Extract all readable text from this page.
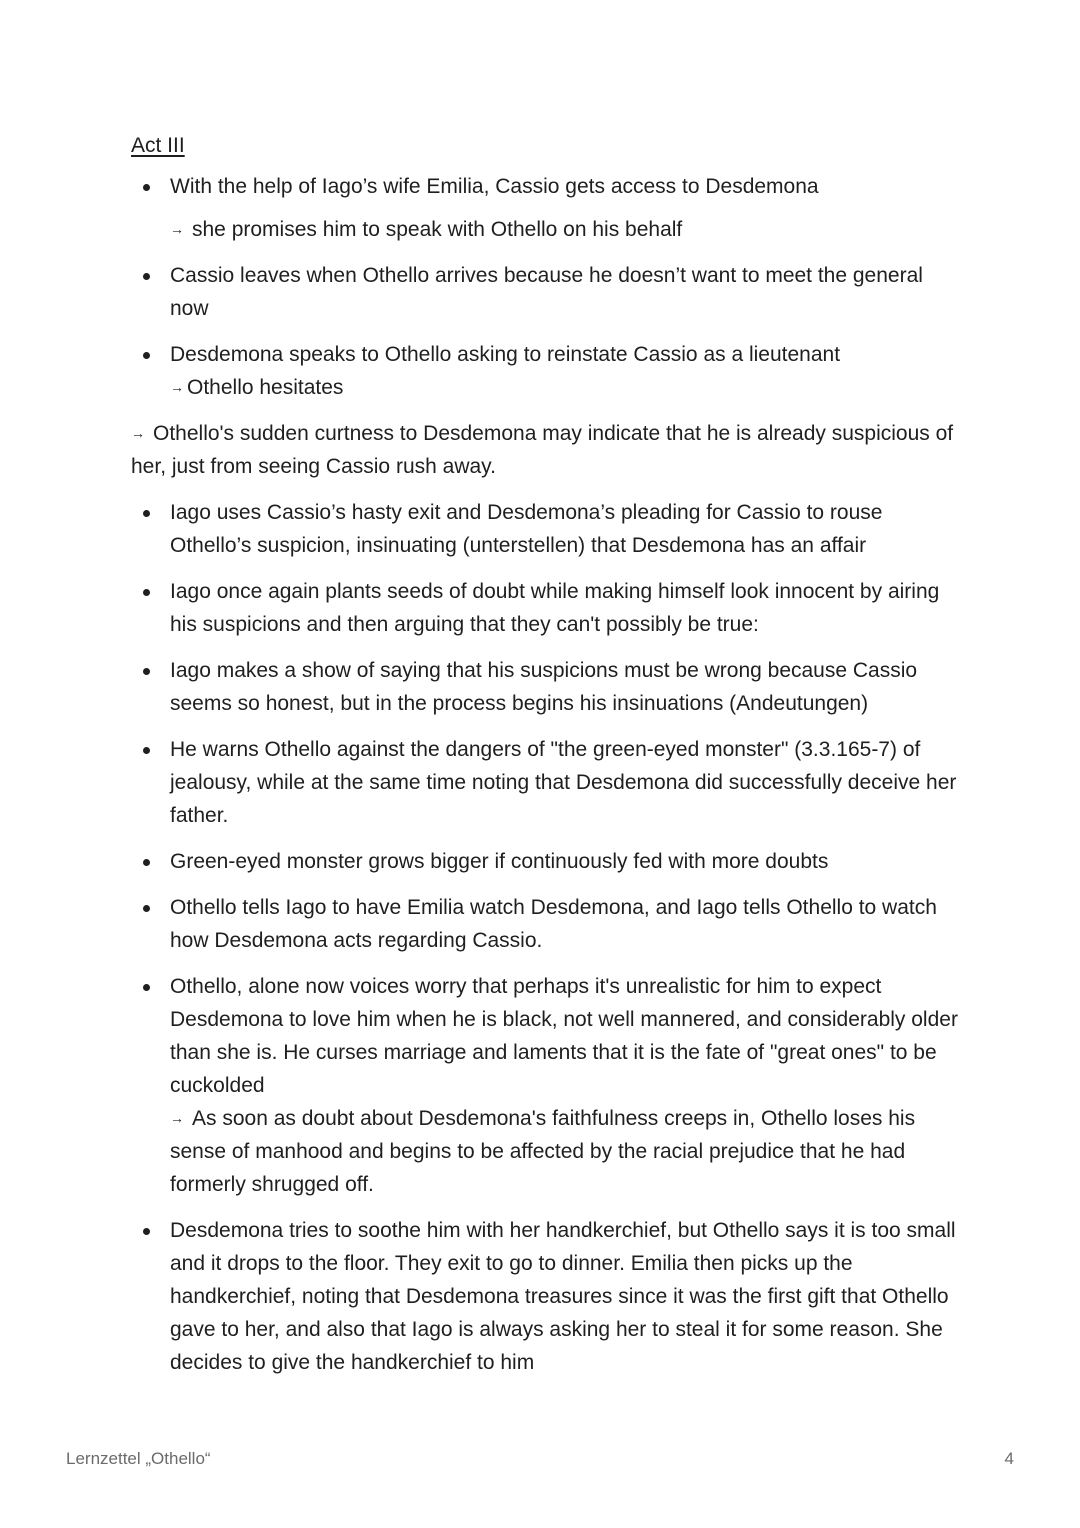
Act III
With the help of Iago’s wife Emilia, Cassio gets access to Desdemona
→ she promises him to speak with Othello on his behalf
Cassio leaves when Othello arrives because he doesn’t want to meet the general now
Desdemona speaks to Othello asking to reinstate Cassio as a lieutenant
→ Othello hesitates

→ Othello's sudden curtness to Desdemona may indicate that he is already suspicious of her, just from seeing Cassio rush away.

Iago uses Cassio’s hasty exit and Desdemona’s pleading for Cassio to rouse Othello’s suspicion, insinuating (unterstellen) that Desdemona has an affair
Iago once again plants seeds of doubt while making himself look innocent by airing his suspicions and then arguing that they can't possibly be true:
Iago makes a show of saying that his suspicions must be wrong because Cassio seems so honest, but in the process begins his insinuations (Andeutungen)
He warns Othello against the dangers of "the green-eyed monster" (3.3.165-7) of jealousy, while at the same time noting that Desdemona did successfully deceive her father.
Green-eyed monster grows bigger if continuously fed with more doubts
Othello tells Iago to have Emilia watch Desdemona, and Iago tells Othello to watch how Desdemona acts regarding Cassio.
Othello, alone now voices worry that perhaps it's unrealistic for him to expect Desdemona to love him when he is black, not well mannered, and considerably older than she is. He curses marriage and laments that it is the fate of "great ones" to be cuckolded
→ As soon as doubt about Desdemona's faithfulness creeps in, Othello loses his sense of manhood and begins to be affected by the racial prejudice that he had formerly shrugged off.
Desdemona tries to soothe him with her handkerchief, but Othello says it is too small and it drops to the floor. They exit to go to dinner. Emilia then picks up the handkerchief, noting that Desdemona treasures since it was the first gift that Othello gave to her, and also that Iago is always asking her to steal it for some reason. She decides to give the handkerchief to him
Lernzettel „Othello“	4
